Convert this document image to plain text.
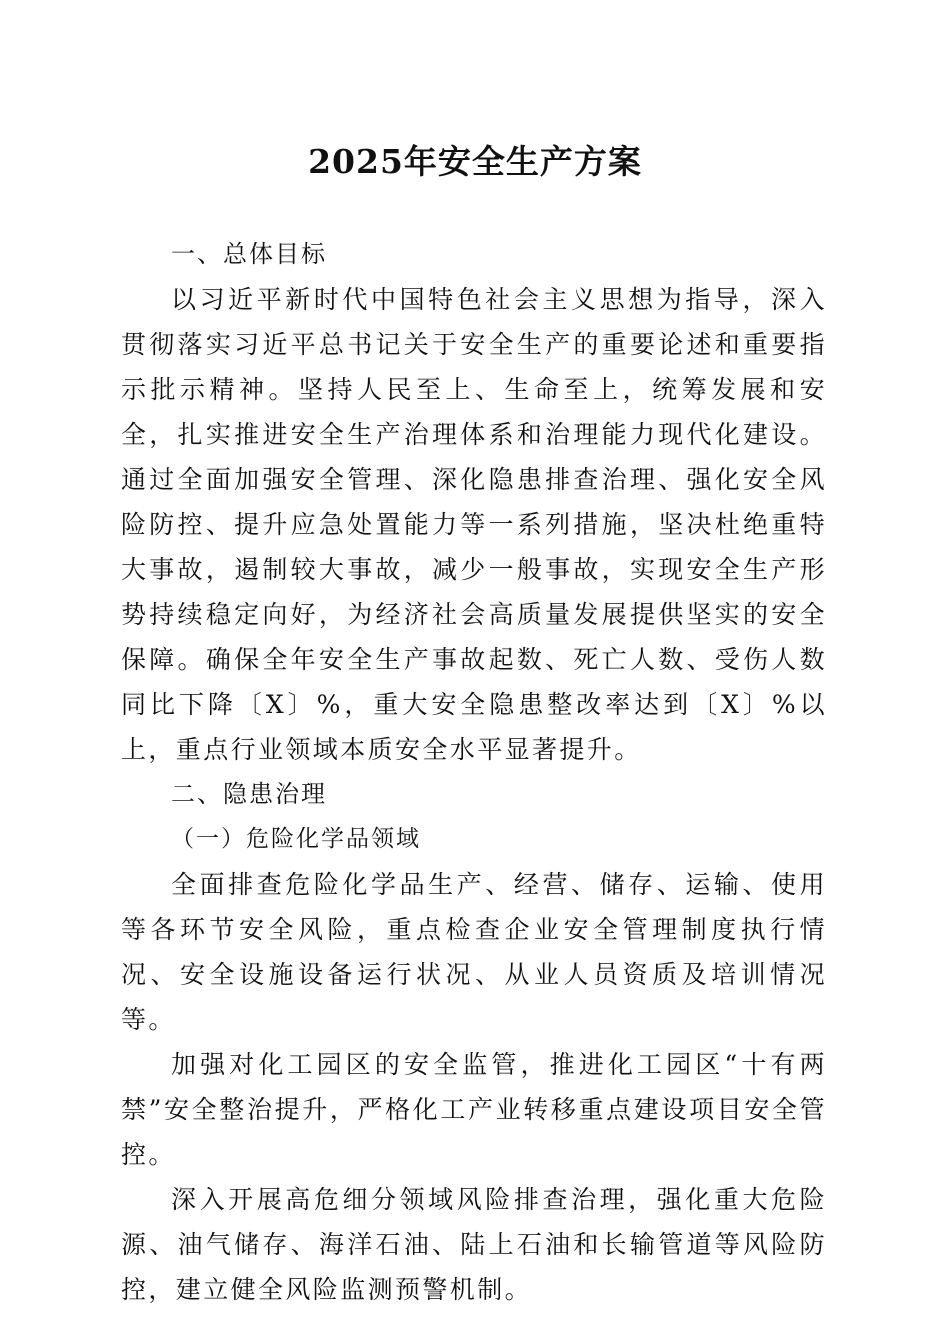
2025年安全生产方案

一、总体目标

以习近平新时代中国特色社会主义思想为指导，深入贯彻落实习近平总书记关于安全生产的重要论述和重要指示批示精神。坚持人民至上、生命至上，统筹发展和安全，扎实推进安全生产治理体系和治理能力现代化建设。通过全面加强安全管理、深化隐患排查治理、强化安全风险防控、提升应急处置能力等一系列措施，坚决杜绝重特大事故，遏制较大事故，减少一般事故，实现安全生产形势持续稳定向好，为经济社会高质量发展提供坚实的安全保障。确保全年安全生产事故起数、死亡人数、受伤人数同比下降〔X〕%，重大安全隐患整改率达到〔X〕%以上，重点行业领域本质安全水平显著提升。

二、隐患治理

（一）危险化学品领域

全面排查危险化学品生产、经营、储存、运输、使用等各环节安全风险，重点检查企业安全管理制度执行情况、安全设施设备运行状况、从业人员资质及培训情况等。

加强对化工园区的安全监管，推进化工园区“十有两禁”安全整治提升，严格化工产业转移重点建设项目安全管控。

深入开展高危细分领域风险排查治理，强化重大危险源、油气储存、海洋石油、陆上石油和长输管道等风险防控，建立健全风险监测预警机制。
